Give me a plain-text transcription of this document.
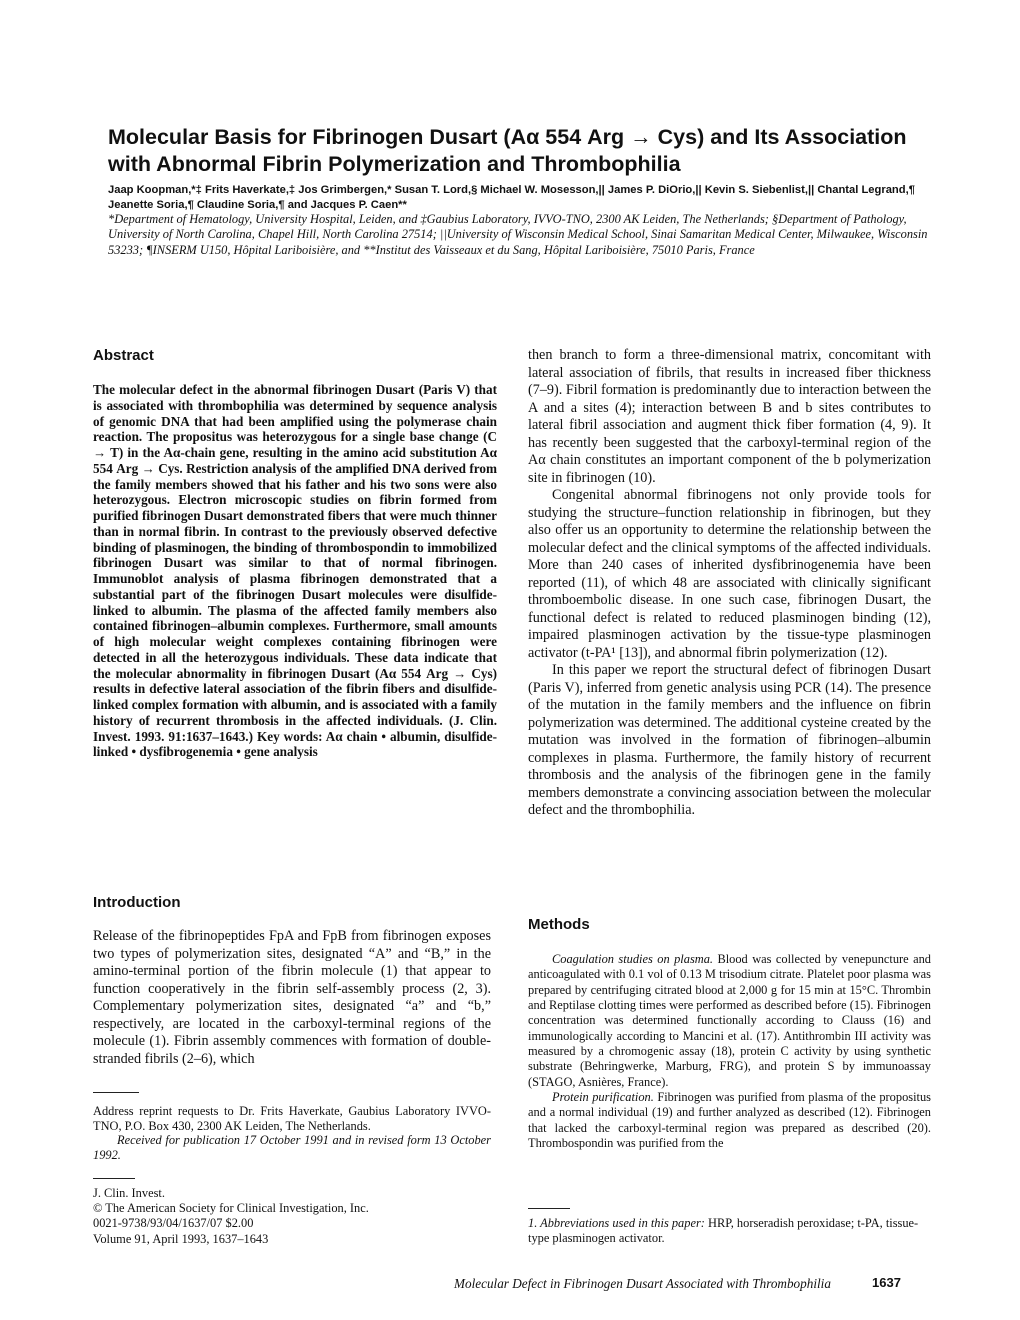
Molecular Basis for Fibrinogen Dusart (Aα 554 Arg → Cys) and Its Association with Abnormal Fibrin Polymerization and Thrombophilia
Jaap Koopman,*‡ Frits Haverkate,‡ Jos Grimbergen,* Susan T. Lord,§ Michael W. Mosesson,|| James P. DiOrio,|| Kevin S. Siebenlist,|| Chantal Legrand,¶ Jeanette Soria,¶ Claudine Soria,¶ and Jacques P. Caen**
*Department of Hematology, University Hospital, Leiden, and ‡Gaubius Laboratory, IVVO-TNO, 2300 AK Leiden, The Netherlands; §Department of Pathology, University of North Carolina, Chapel Hill, North Carolina 27514; ||University of Wisconsin Medical School, Sinai Samaritan Medical Center, Milwaukee, Wisconsin 53233; ¶INSERM U150, Hôpital Lariboisière, and **Institut des Vaisseaux et du Sang, Hôpital Lariboisière, 75010 Paris, France
Abstract

The molecular defect in the abnormal fibrinogen Dusart (Paris V) that is associated with thrombophilia was determined by sequence analysis of genomic DNA that had been amplified using the polymerase chain reaction. The propositus was heterozygous for a single base change (C → T) in the Aα-chain gene, resulting in the amino acid substitution Aα 554 Arg → Cys. Restriction analysis of the amplified DNA derived from the family members showed that his father and his two sons were also heterozygous. Electron microscopic studies on fibrin formed from purified fibrinogen Dusart demonstrated fibers that were much thinner than in normal fibrin. In contrast to the previously observed defective binding of plasminogen, the binding of thrombospondin to immobilized fibrinogen Dusart was similar to that of normal fibrinogen. Immunoblot analysis of plasma fibrinogen demonstrated that a substantial part of the fibrinogen Dusart molecules were disulfide-linked to albumin. The plasma of the affected family members also contained fibrinogen–albumin complexes. Furthermore, small amounts of high molecular weight complexes containing fibrinogen were detected in all the heterozygous individuals. These data indicate that the molecular abnormality in fibrinogen Dusart (Aα 554 Arg → Cys) results in defective lateral association of the fibrin fibers and disulfide-linked complex formation with albumin, and is associated with a family history of recurrent thrombosis in the affected individuals. (J. Clin. Invest. 1993. 91:1637–1643.) Key words: Aα chain • albumin, disulfide-linked • dysfibrogenemia • gene analysis

Introduction

Release of the fibrinopeptides FpA and FpB from fibrinogen exposes two types of polymerization sites, designated “A” and “B,” in the amino-terminal portion of the fibrin molecule (1) that appear to function cooperatively in the fibrin self-assembly process (2, 3). Complementary polymerization sites, designated “a” and “b,” respectively, are located in the carboxyl-terminal regions of the molecule (1). Fibrin assembly commences with formation of double-stranded fibrils (2–6), which

Address reprint requests to Dr. Frits Haverkate, Gaubius Laboratory IVVO-TNO, P.O. Box 430, 2300 AK Leiden, The Netherlands.

Received for publication 17 October 1991 and in revised form 13 October 1992.

J. Clin. Invest.
© The American Society for Clinical Investigation, Inc.
0021-9738/93/04/1637/07 $2.00
Volume 91, April 1993, 1637–1643

then branch to form a three-dimensional matrix, concomitant with lateral association of fibrils, that results in increased fiber thickness (7–9). Fibril formation is predominantly due to interaction between the A and a sites (4); interaction between B and b sites contributes to lateral fibril association and augment thick fiber formation (4, 9). It has recently been suggested that the carboxyl-terminal region of the Aα chain constitutes an important component of the b polymerization site in fibrinogen (10).

Congenital abnormal fibrinogens not only provide tools for studying the structure–function relationship in fibrinogen, but they also offer us an opportunity to determine the relationship between the molecular defect and the clinical symptoms of the affected individuals. More than 240 cases of inherited dysfibrinogenemia have been reported (11), of which 48 are associated with clinically significant thromboembolic disease. In one such case, fibrinogen Dusart, the functional defect is related to reduced plasminogen binding (12), impaired plasminogen activation by the tissue-type plasminogen activator (t-PA¹ [13]), and abnormal fibrin polymerization (12).

In this paper we report the structural defect of fibrinogen Dusart (Paris V), inferred from genetic analysis using PCR (14). The presence of the mutation in the family members and the influence on fibrin polymerization was determined. The additional cysteine created by the mutation was involved in the formation of fibrinogen–albumin complexes in plasma. Furthermore, the family history of recurrent thrombosis and the analysis of the fibrinogen gene in the family members demonstrate a convincing association between the molecular defect and the thrombophilia.

Methods

Coagulation studies on plasma. Blood was collected by venepuncture and anticoagulated with 0.1 vol of 0.13 M trisodium citrate. Platelet poor plasma was prepared by centrifuging citrated blood at 2,000 g for 15 min at 15°C. Thrombin and Reptilase clotting times were performed as described before (15). Fibrinogen concentration was determined functionally according to Clauss (16) and immunologically according to Mancini et al. (17). Antithrombin III activity was measured by a chromogenic assay (18), protein C activity by using synthetic substrate (Behringwerke, Marburg, FRG), and protein S by immunoassay (STAGO, Asnières, France).

Protein purification. Fibrinogen was purified from plasma of the propositus and a normal individual (19) and further analyzed as described (12). Fibrinogen that lacked the carboxyl-terminal region was prepared as described (20). Thrombospondin was purified from the

1. Abbreviations used in this paper: HRP, horseradish peroxidase; t-PA, tissue-type plasminogen activator.

Molecular Defect in Fibrinogen Dusart Associated with Thrombophilia	1637
